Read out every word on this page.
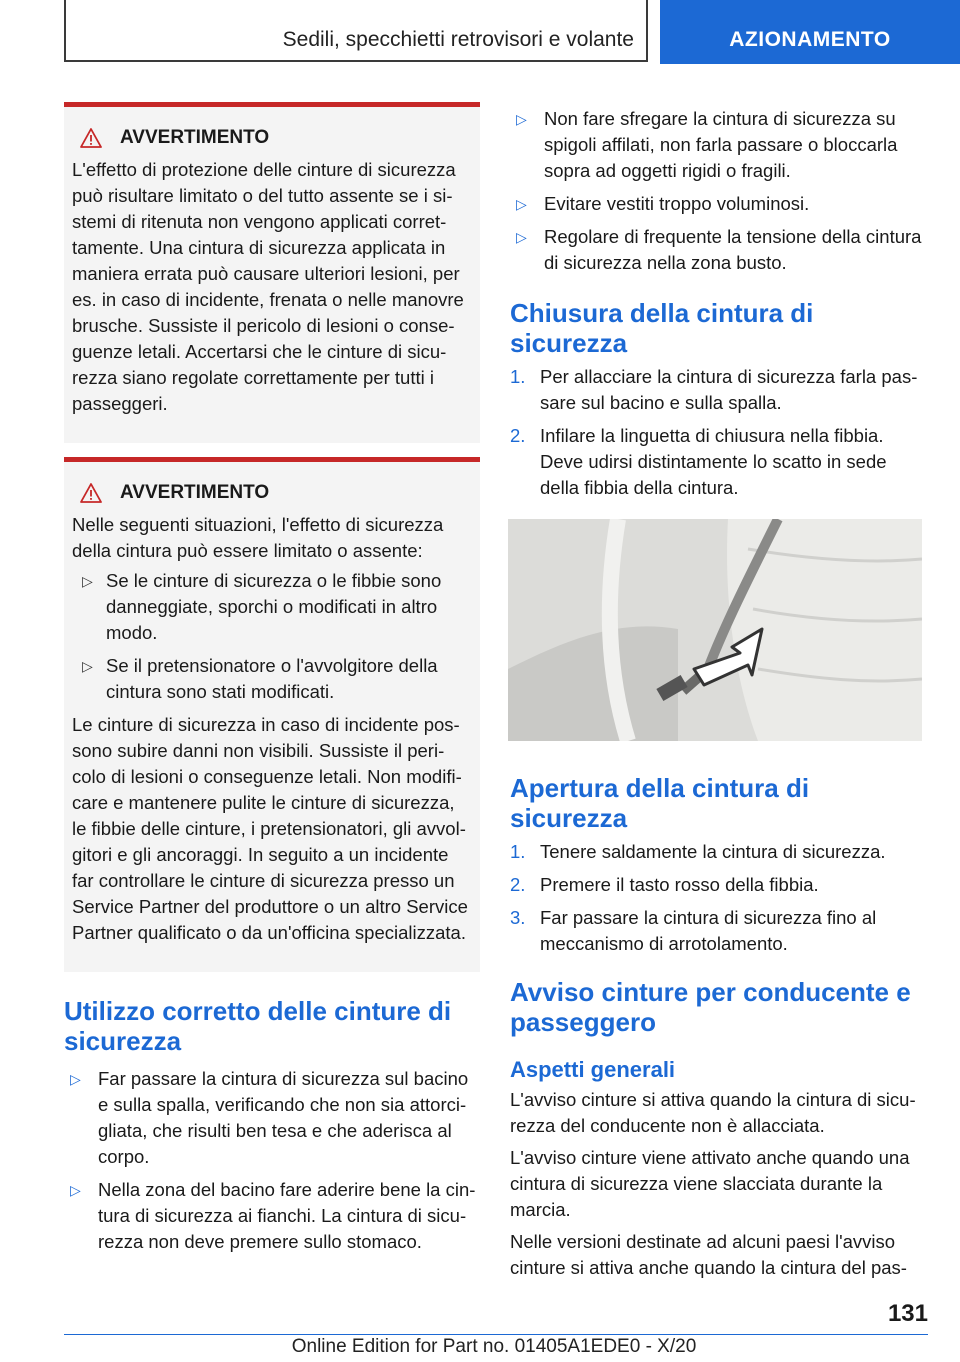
Sedili, specchietti retrovisori e volante	AZIONAMENTO
AVVERTIMENTO

L'effetto di protezione delle cinture di sicurezza può risultare limitato o del tutto assente se i sistemi di ritenuta non vengono applicati correttamente. Una cintura di sicurezza applicata in maniera errata può causare ulteriori lesioni, per es. in caso di incidente, frenata o nelle manovre brusche. Sussiste il pericolo di lesioni o conseguenze letali. Accertarsi che le cinture di sicurezza siano regolate correttamente per tutti i passeggeri.

AVVERTIMENTO

Nelle seguenti situazioni, l'effetto di sicurezza della cintura può essere limitato o assente:

▷ Se le cinture di sicurezza o le fibbie sono danneggiate, sporchi o modificati in altro modo.
▷ Se il pretensionatore o l'avvolgitore della cintura sono stati modificati.

Le cinture di sicurezza in caso di incidente possono subire danni non visibili. Sussiste il pericolo di lesioni o conseguenze letali. Non modificare e mantenere pulite le cinture di sicurezza, le fibbie delle cinture, i pretensionatori, gli avvolgitori e gli ancoraggi. In seguito a un incidente far controllare le cinture di sicurezza presso un Service Partner del produttore o un altro Service Partner qualificato o da un'officina specializzata.

Utilizzo corretto delle cinture di sicurezza
▷ Far passare la cintura di sicurezza sul bacino e sulla spalla, verificando che non sia attorcigliata, che risulti ben tesa e che aderisca al corpo.
▷ Nella zona del bacino fare aderire bene la cintura di sicurezza ai fianchi. La cintura di sicurezza non deve premere sullo stomaco.
▷ Non fare sfregare la cintura di sicurezza su spigoli affilati, non farla passare o bloccarla sopra ad oggetti rigidi o fragili.
▷ Evitare vestiti troppo voluminosi.
▷ Regolare di frequente la tensione della cintura di sicurezza nella zona busto.
Chiusura della cintura di sicurezza
1. Per allacciare la cintura di sicurezza farla passare sul bacino e sulla spalla.
2. Infilare la linguetta di chiusura nella fibbia. Deve udirsi distintamente lo scatto in sede della fibbia della cintura.
Apertura della cintura di sicurezza
1. Tenere saldamente la cintura di sicurezza.
2. Premere il tasto rosso della fibbia.
3. Far passare la cintura di sicurezza fino al meccanismo di arrotolamento.
Avviso cinture per conducente e passeggero
Aspetti generali

L'avviso cinture si attiva quando la cintura di sicurezza del conducente non è allacciata.

L'avviso cinture viene attivato anche quando una cintura di sicurezza viene slacciata durante la marcia.

Nelle versioni destinate ad alcuni paesi l'avviso cinture si attiva anche quando la cintura del pas-

131
Online Edition for Part no. 01405A1EDE0 - X/20
